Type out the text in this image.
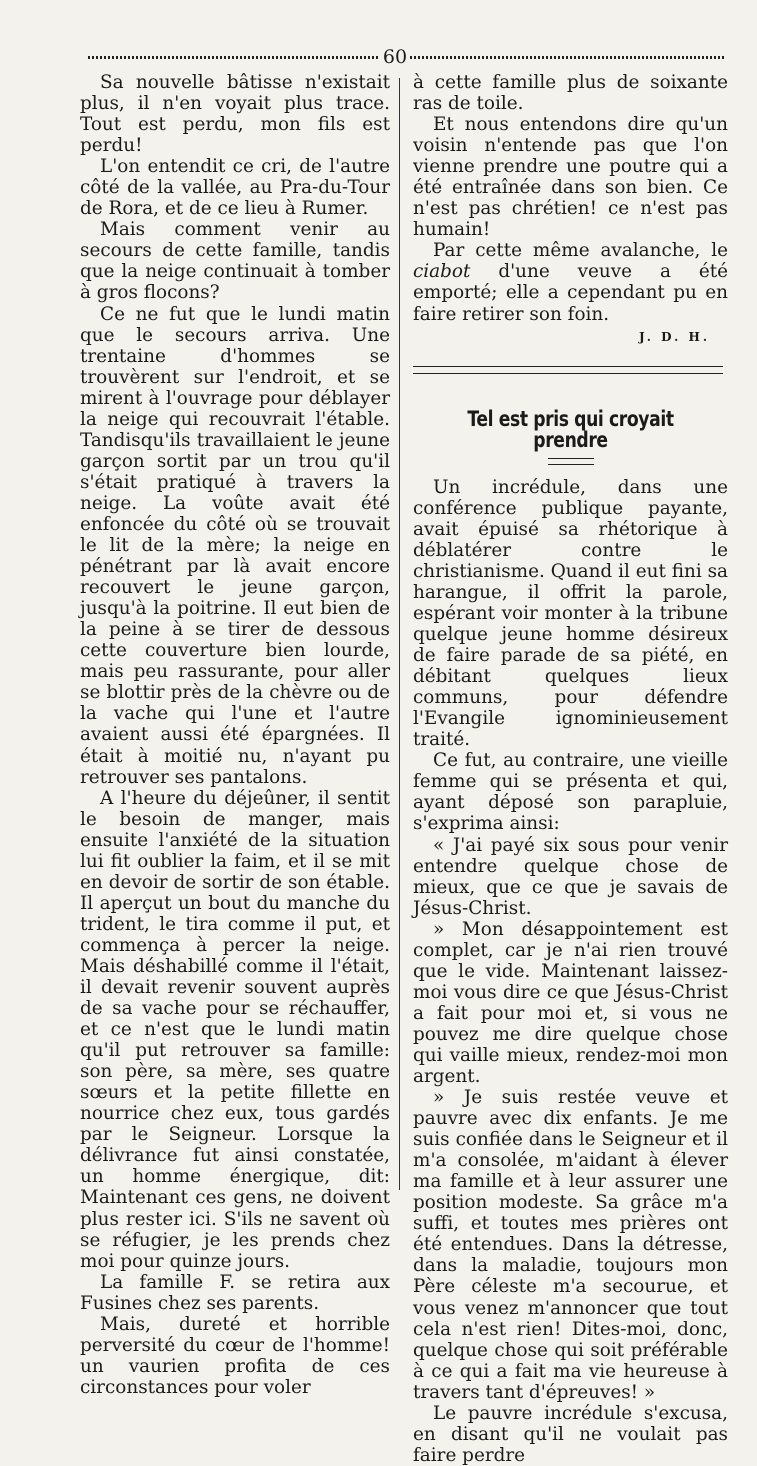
60

Sa nouvelle bâtisse n'existait plus, il n'en voyait plus trace. Tout est perdu, mon fils est perdu!

L'on entendit ce cri, de l'autre côté de la vallée, au Pra-du-Tour de Rora, et de ce lieu à Rumer.

Mais comment venir au secours de cette famille, tandis que la neige continuait à tomber à gros flocons?

Ce ne fut que le lundi matin que le secours arriva. Une trentaine d'hommes se trouvèrent sur l'endroit, et se mirent à l'ouvrage pour déblayer la neige qui recouvrait l'étable. Tandisqu'ils travaillaient le jeune garçon sortit par un trou qu'il s'était pratiqué à travers la neige. La voûte avait été enfoncée du côté où se trouvait le lit de la mère; la neige en pénétrant par là avait encore recouvert le jeune garçon, jusqu'à la poitrine. Il eut bien de la peine à se tirer de dessous cette couverture bien lourde, mais peu rassurante, pour aller se blottir près de la chèvre ou de la vache qui l'une et l'autre avaient aussi été épargnées. Il était à moitié nu, n'ayant pu retrouver ses pantalons.

A l'heure du déjeûner, il sentit le besoin de manger, mais ensuite l'anxiété de la situation lui fit oublier la faim, et il se mit en devoir de sortir de son étable. Il aperçut un bout du manche du trident, le tira comme il put, et commença à percer la neige. Mais déshabillé comme il l'était, il devait revenir souvent auprès de sa vache pour se réchauffer, et ce n'est que le lundi matin qu'il put retrouver sa famille: son père, sa mère, ses quatre sœurs et la petite fillette en nourrice chez eux, tous gardés par le Seigneur. Lorsque la délivrance fut ainsi constatée, un homme énergique, dit: Maintenant ces gens, ne doivent plus rester ici. S'ils ne savent où se réfugier, je les prends chez moi pour quinze jours.

La famille F. se retira aux Fusines chez ses parents.

Mais, dureté et horrible perversité du cœur de l'homme! un vaurien profita de ces circonstances pour voler

à cette famille plus de soixante ras de toile.

Et nous entendons dire qu'un voisin n'entende pas que l'on vienne prendre une poutre qui a été entraînée dans son bien. Ce n'est pas chrétien! ce n'est pas humain!

Par cette même avalanche, le ciabot d'une veuve a été emporté; elle a cependant pu en faire retirer son foin.

J. D. H.
Tel est pris qui croyait prendre

Un incrédule, dans une conférence publique payante, avait épuisé sa rhétorique à déblatérer contre le christianisme. Quand il eut fini sa harangue, il offrit la parole, espérant voir monter à la tribune quelque jeune homme désireux de faire parade de sa piété, en débitant quelques lieux communs, pour défendre l'Evangile ignominieusement traité.

Ce fut, au contraire, une vieille femme qui se présenta et qui, ayant déposé son parapluie, s'exprima ainsi:

« J'ai payé six sous pour venir entendre quelque chose de mieux, que ce que je savais de Jésus-Christ.

» Mon désappointement est complet, car je n'ai rien trouvé que le vide. Maintenant laissez-moi vous dire ce que Jésus-Christ a fait pour moi et, si vous ne pouvez me dire quelque chose qui vaille mieux, rendez-moi mon argent.

» Je suis restée veuve et pauvre avec dix enfants. Je me suis confiée dans le Seigneur et il m'a consolée, m'aidant à élever ma famille et à leur assurer une position modeste. Sa grâce m'a suffi, et toutes mes prières ont été entendues. Dans la détresse, dans la maladie, toujours mon Père céleste m'a secourue, et vous venez m'annoncer que tout cela n'est rien! Dites-moi, donc, quelque chose qui soit préférable à ce qui a fait ma vie heureuse à travers tant d'épreuves! »

Le pauvre incrédule s'excusa, en disant qu'il ne voulait pas faire perdre
